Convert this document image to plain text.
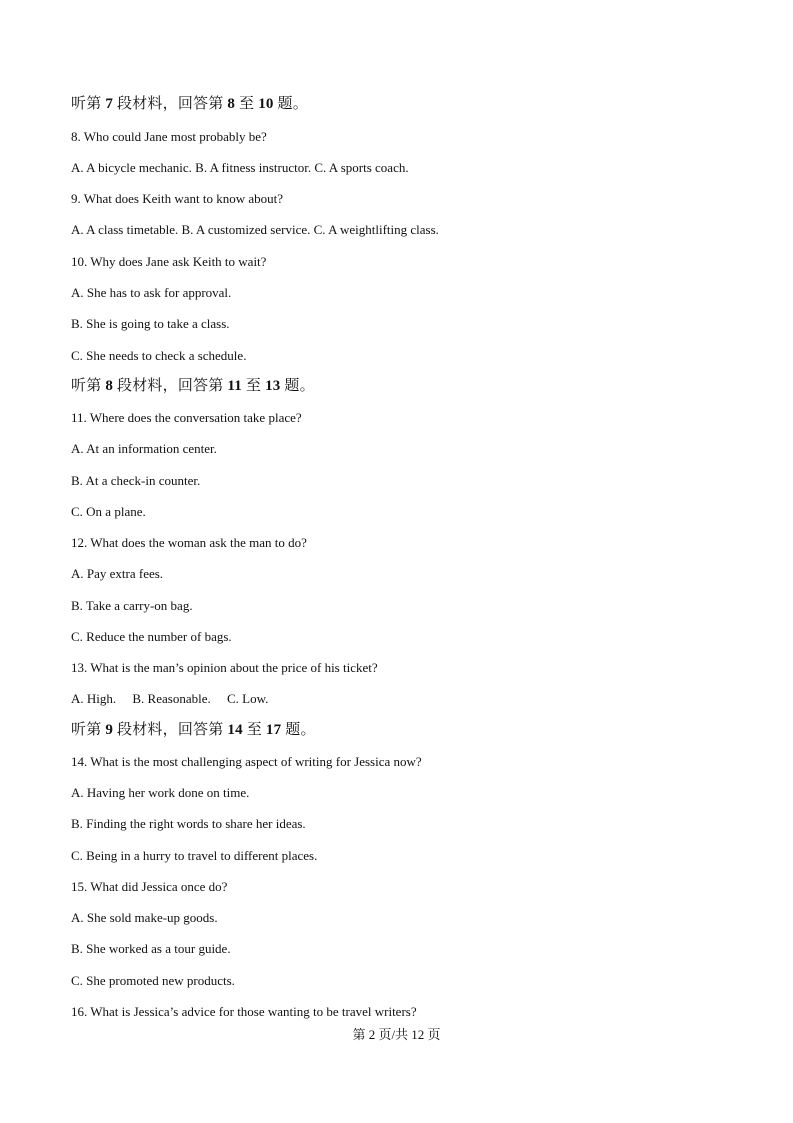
听第 7 段材料，回答第 8 至 10 题。
8. Who could Jane most probably be?
A. A bicycle mechanic. B. A fitness instructor. C. A sports coach.
9. What does Keith want to know about?
A. A class timetable. B. A customized service. C. A weightlifting class.
10. Why does Jane ask Keith to wait?
A. She has to ask for approval.
B. She is going to take a class.
C. She needs to check a schedule.
听第 8 段材料，回答第 11 至 13 题。
11. Where does the conversation take place?
A. At an information center.
B. At a check-in counter.
C. On a plane.
12. What does the woman ask the man to do?
A. Pay extra fees.
B. Take a carry-on bag.
C. Reduce the number of bags.
13. What is the man’s opinion about the price of his ticket?
A. High.     B. Reasonable.     C. Low.
听第 9 段材料，回答第 14 至 17 题。
14. What is the most challenging aspect of writing for Jessica now?
A. Having her work done on time.
B. Finding the right words to share her ideas.
C. Being in a hurry to travel to different places.
15. What did Jessica once do?
A. She sold make-up goods.
B. She worked as a tour guide.
C. She promoted new products.
16. What is Jessica’s advice for those wanting to be travel writers?
第 2 页/共 12 页
